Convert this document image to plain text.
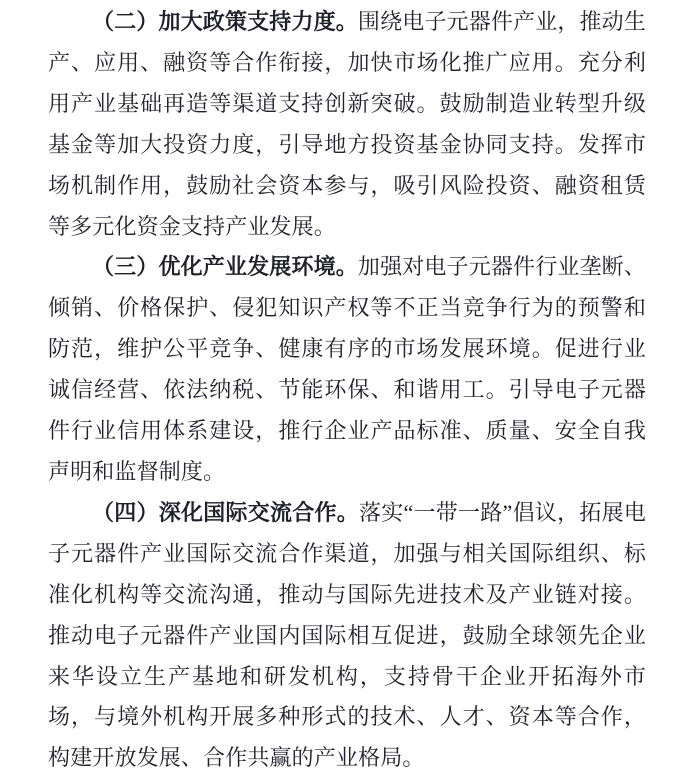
（二）加大政策支持力度。围绕电子元器件产业，推动生产、应用、融资等合作衔接，加快市场化推广应用。充分利用产业基础再造等渠道支持创新突破。鼓励制造业转型升级基金等加大投资力度，引导地方投资基金协同支持。发挥市场机制作用，鼓励社会资本参与，吸引风险投资、融资租赁等多元化资金支持产业发展。

（三）优化产业发展环境。加强对电子元器件行业垄断、倾销、价格保护、侵犯知识产权等不正当竞争行为的预警和防范，维护公平竞争、健康有序的市场发展环境。促进行业诚信经营、依法纳税、节能环保、和谐用工。引导电子元器件行业信用体系建设，推行企业产品标准、质量、安全自我声明和监督制度。

（四）深化国际交流合作。落实“一带一路”倡议，拓展电子元器件产业国际交流合作渠道，加强与相关国际组织、标准化机构等交流沟通，推动与国际先进技术及产业链对接。推动电子元器件产业国内国际相互促进，鼓励全球领先企业来华设立生产基地和研发机构，支持骨干企业开拓海外市场，与境外机构开展多种形式的技术、人才、资本等合作，构建开放发展、合作共赢的产业格局。
